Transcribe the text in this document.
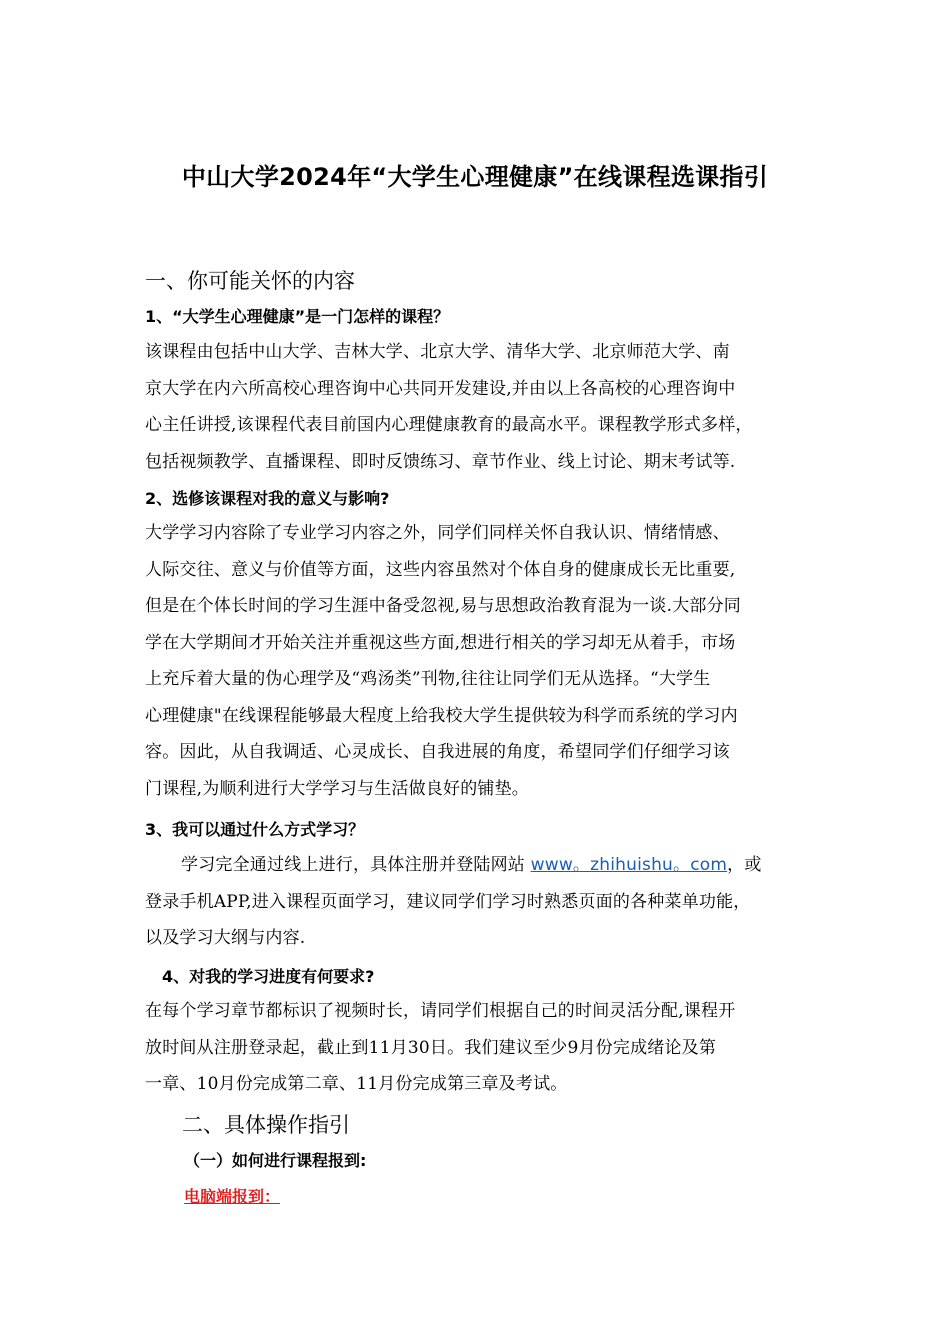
中山大学2024年“大学生心理健康”在线课程选课指引
一、你可能关怀的内容
1、“大学生心理健康”是一门怎样的课程？

该课程由包括中山大学、吉林大学、北京大学、清华大学、北京师范大学、南

京大学在内六所高校心理咨询中心共同开发建设,并由以上各高校的心理咨询中

心主任讲授,该课程代表目前国内心理健康教育的最高水平。课程教学形式多样，

包括视频教学、直播课程、即时反馈练习、章节作业、线上讨论、期末考试等.

2、选修该课程对我的意义与影响?

大学学习内容除了专业学习内容之外，同学们同样关怀自我认识、情绪情感、

人际交往、意义与价值等方面，这些内容虽然对个体自身的健康成长无比重要,

但是在个体长时间的学习生涯中备受忽视,易与思想政治教育混为一谈.大部分同

学在大学期间才开始关注并重视这些方面,想进行相关的学习却无从着手，市场

上充斥着大量的伪心理学及“鸡汤类”刊物,往往让同学们无从选择。“大学生

心理健康"在线课程能够最大程度上给我校大学生提供较为科学而系统的学习内

容。因此，从自我调适、心灵成长、自我进展的角度，希望同学们仔细学习该

门课程,为顺利进行大学学习与生活做良好的铺垫。

3、我可以通过什么方式学习？

学习完全通过线上进行，具体注册并登陆网站 www。zhihuishu。com，或

登录手机APP,进入课程页面学习，建议同学们学习时熟悉页面的各种菜单功能，

以及学习大纲与内容.

4、对我的学习进度有何要求?

在每个学习章节都标识了视频时长，请同学们根据自己的时间灵活分配,课程开

放时间从注册登录起，截止到11月30日。我们建议至少9月份完成绪论及第

一章、10月份完成第二章、11月份完成第三章及考试。

二、具体操作指引
（一）如何进行课程报到:
电脑端报到：
